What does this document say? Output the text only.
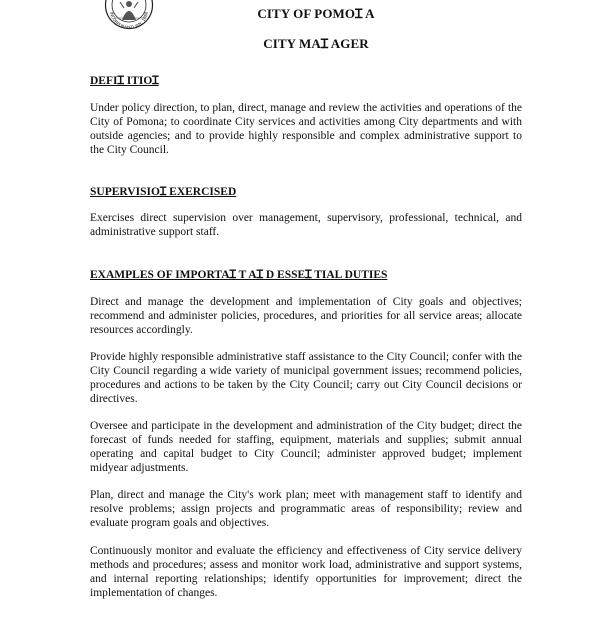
INCORPORATED JAN. 1888	CITY OF POMOꞮ A
CITY MAꞮ AGER
DEFIꞮ ITIOꞮ
Under policy direction, to plan, direct, manage and review the activities and operations of the City of Pomona; to coordinate City services and activities among City departments and with outside agencies; and to provide highly responsible and complex administrative support to the City Council.
SUPERVISIOꞮ EXERCISED
Exercises direct supervision over management, supervisory, professional, technical, and administrative support staff.
EXAMPLES OF IMPORTAꞮ T AꞮ D ESSEꞮ TIAL DUTIES
Direct and manage the development and implementation of City goals and objectives; recommend and administer policies, procedures, and priorities for all service areas; allocate resources accordingly.
Provide highly responsible administrative staff assistance to the City Council; confer with the City Council regarding a wide variety of municipal government issues; recommend policies, procedures and actions to be taken by the City Council; carry out City Council decisions or directives.
Oversee and participate in the development and administration of the City budget; direct the forecast of funds needed for staffing, equipment, materials and supplies; submit annual operating and capital budget to City Council; administer approved budget; implement midyear adjustments.
Plan, direct and manage the City's work plan; meet with management staff to identify and resolve problems; assign projects and programmatic areas of responsibility; review and evaluate program goals and objectives.
Continuously monitor and evaluate the efficiency and effectiveness of City service delivery methods and procedures; assess and monitor work load, administrative and support systems, and internal reporting relationships; identify opportunities for improvement; direct the implementation of changes.
